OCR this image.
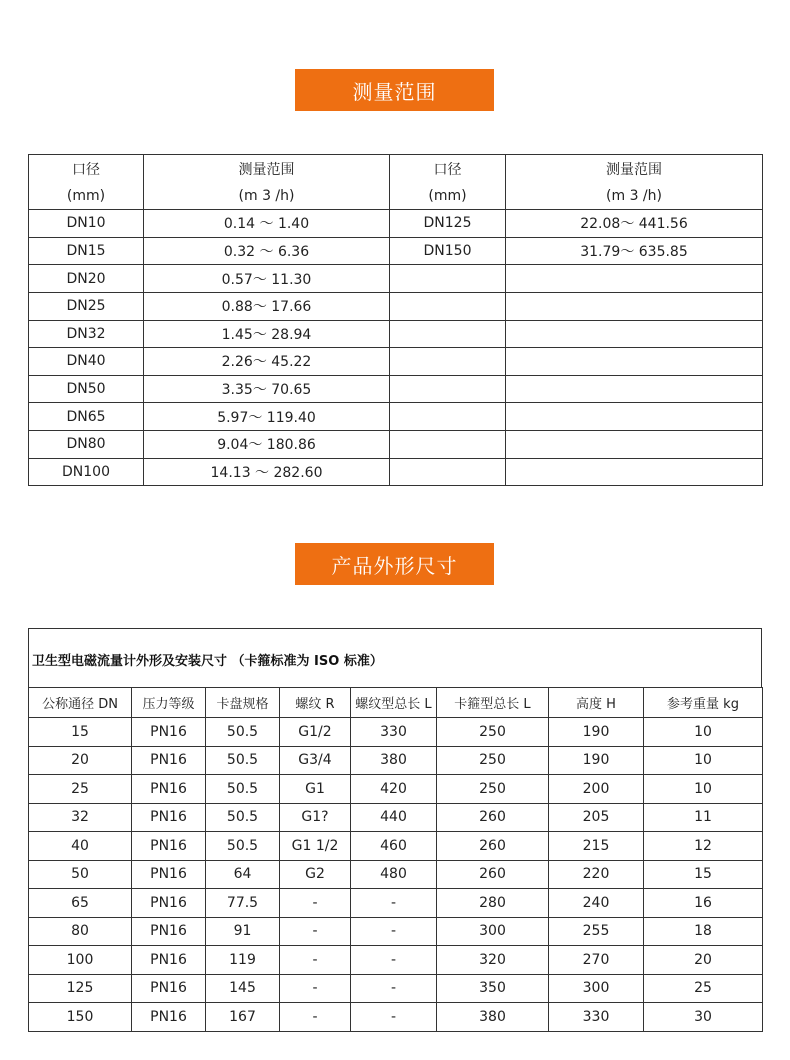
测量范围
口径	测量范围	口径	测量范围
(mm)	(m 3 /h)	(mm)	(m 3 /h)
DN10	0.14 ～ 1.40	DN125	22.08～ 441.56
DN15	0.32 ～ 6.36	DN150	31.79～ 635.85
DN20	0.57～ 11.30		
DN25	0.88～ 17.66		
DN32	1.45～ 28.94		
DN40	2.26～ 45.22		
DN50	3.35～ 70.65		
DN65	5.97～ 119.40		
DN80	9.04～ 180.86		
DN100	14.13 ～ 282.60		
产品外形尺寸
卫生型电磁流量计外形及安装尺寸 （卡箍标准为 ISO 标准）
公称通径 DN	压力等级	卡盘规格	螺纹 R	螺纹型总长 L	卡箍型总长 L	高度 H	参考重量 kg
15	PN16	50.5	G1/2	330	250	190	10
20	PN16	50.5	G3/4	380	250	190	10
25	PN16	50.5	G1	420	250	200	10
32	PN16	50.5	G1?	440	260	205	11
40	PN16	50.5	G1 1/2	460	260	215	12
50	PN16	64	G2	480	260	220	15
65	PN16	77.5	-	-	280	240	16
80	PN16	91	-	-	300	255	18
100	PN16	119	-	-	320	270	20
125	PN16	145	-	-	350	300	25
150	PN16	167	-	-	380	330	30
